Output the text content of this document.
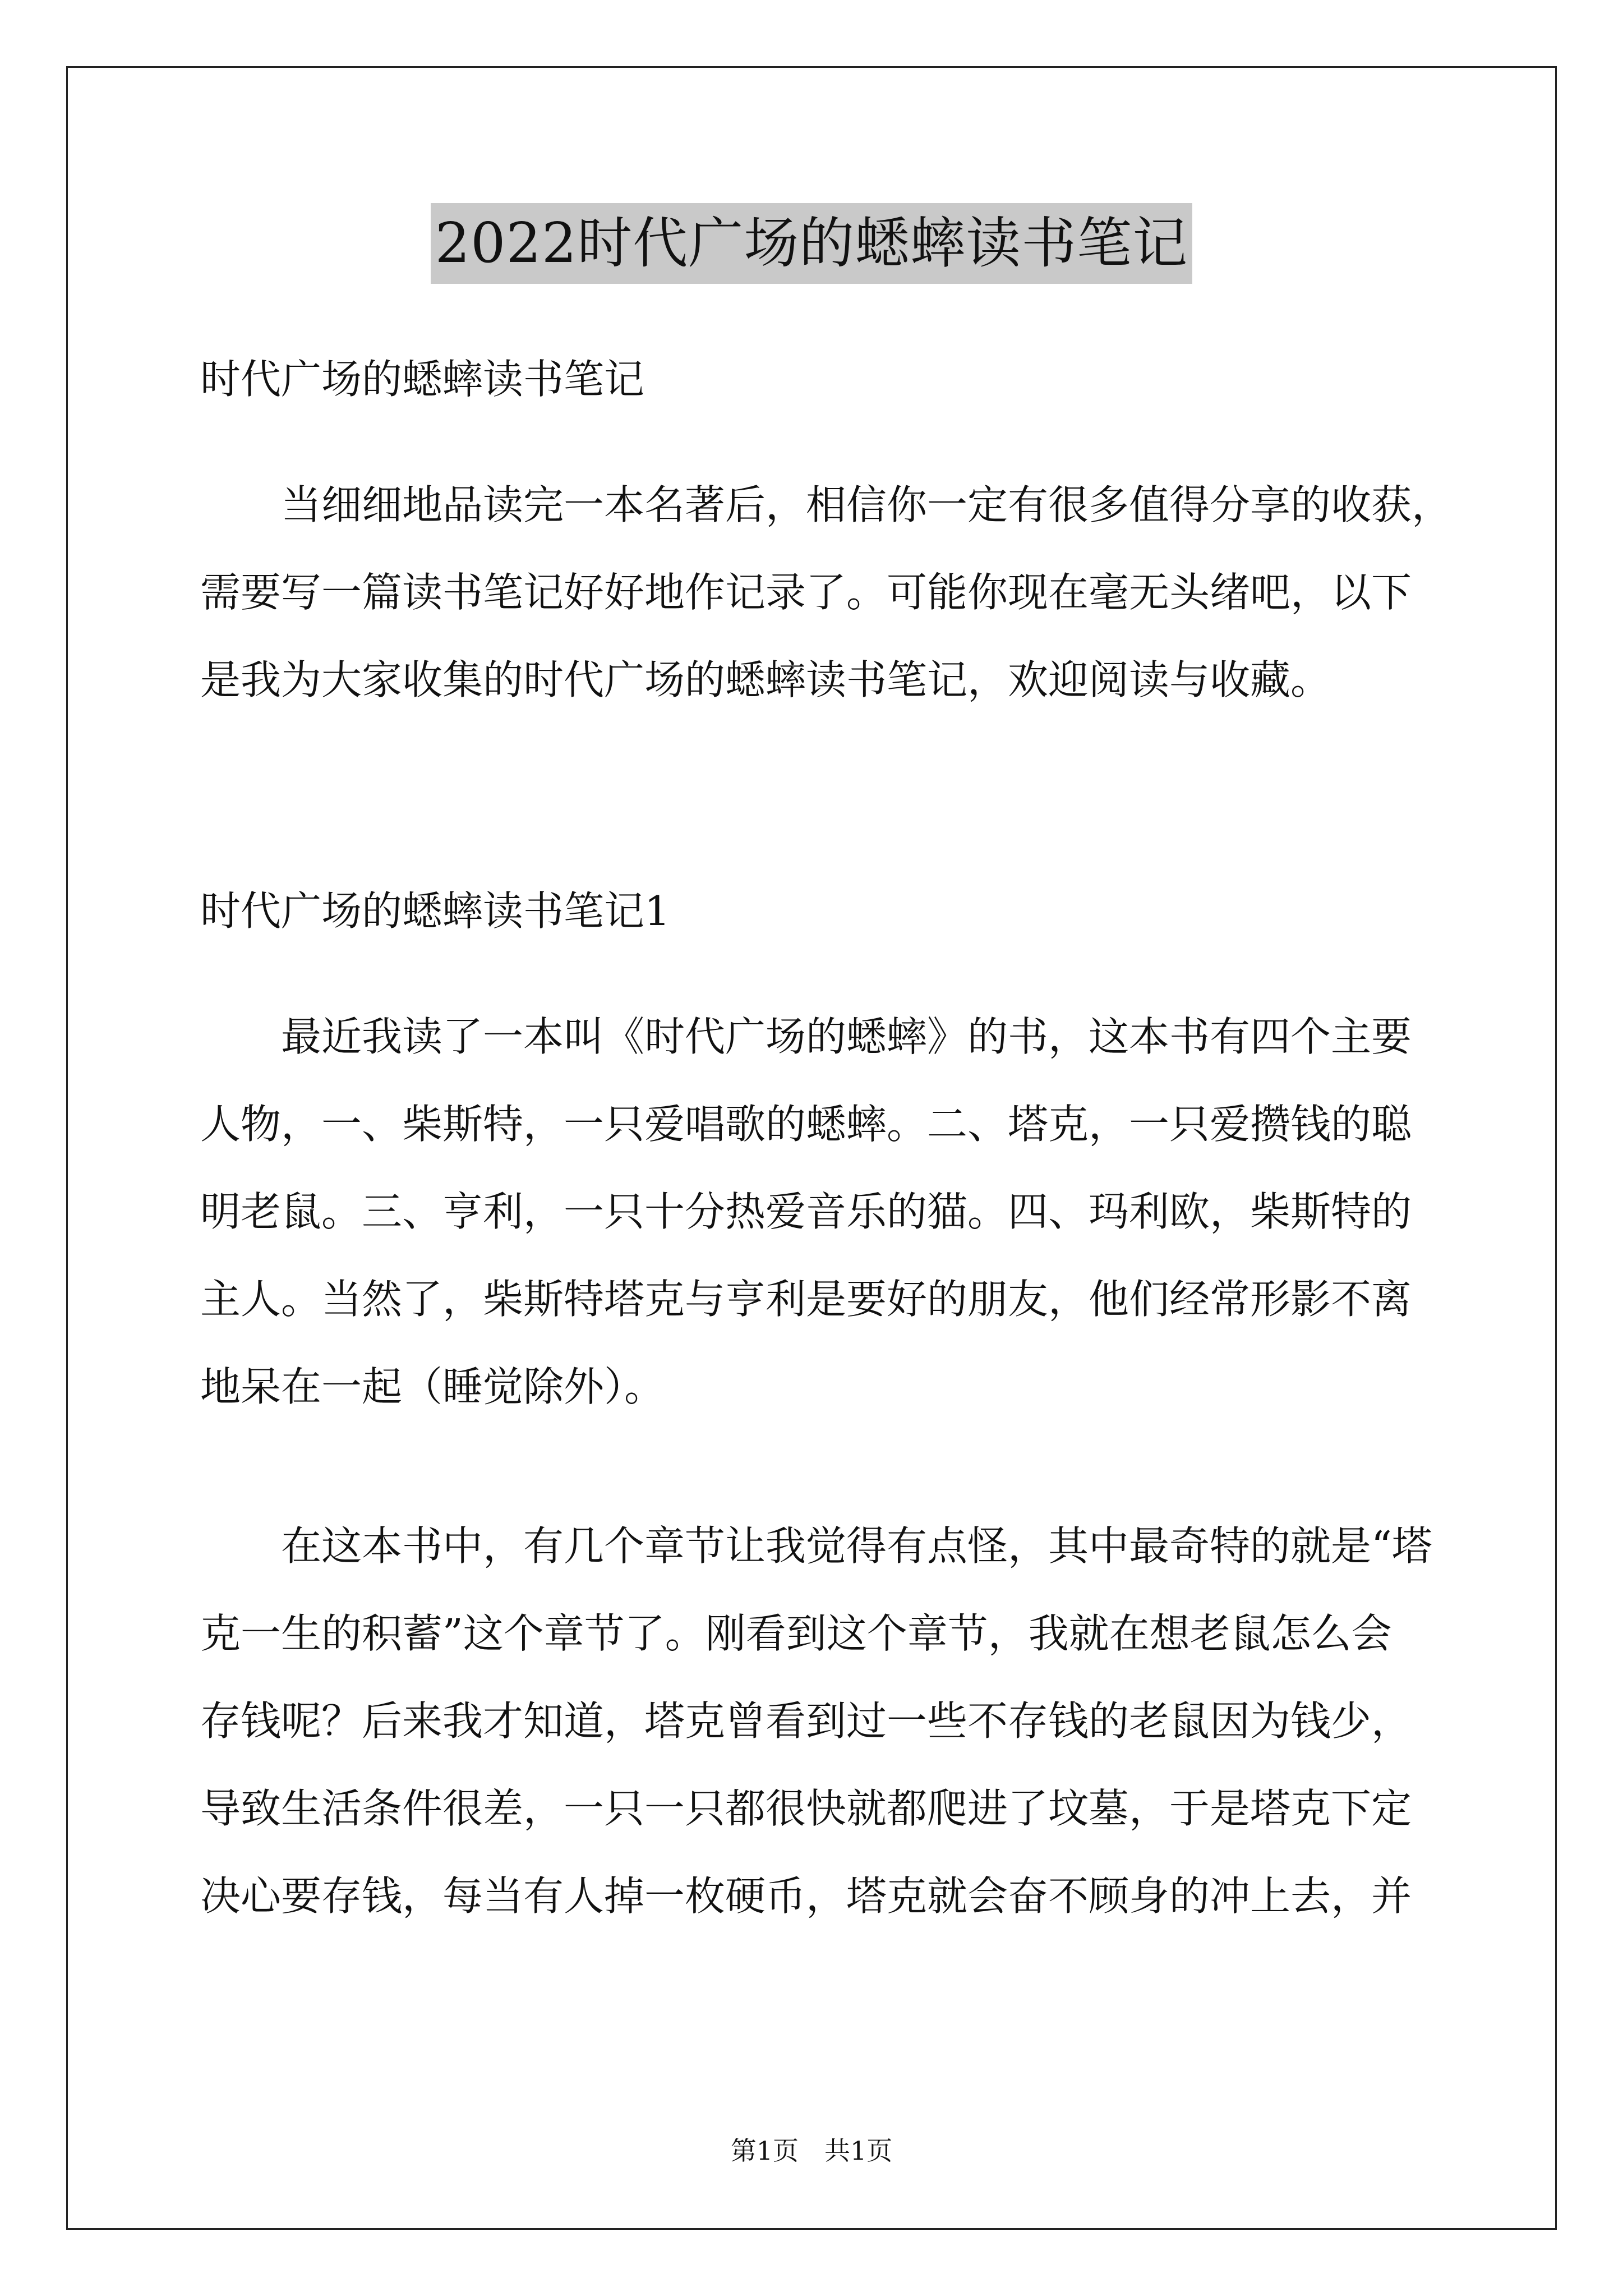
2022时代广场的蟋蟀读书笔记
时代广场的蟋蟀读书笔记
　　当细细地品读完一本名著后，相信你一定有很多值得分享的收获，
需要写一篇读书笔记好好地作记录了。可能你现在毫无头绪吧，以下
是我为大家收集的时代广场的蟋蟀读书笔记，欢迎阅读与收藏。
时代广场的蟋蟀读书笔记1
　　最近我读了一本叫《时代广场的蟋蟀》的书，这本书有四个主要
人物，一、柴斯特，一只爱唱歌的蟋蟀。二、塔克，一只爱攒钱的聪
明老鼠。三、亨利，一只十分热爱音乐的猫。四、玛利欧，柴斯特的
主人。当然了，柴斯特塔克与亨利是要好的朋友，他们经常形影不离
地呆在一起（睡觉除外）。
　　在这本书中，有几个章节让我觉得有点怪，其中最奇特的就是“塔
克一生的积蓄”这个章节了。刚看到这个章节，我就在想老鼠怎么会
存钱呢？后来我才知道，塔克曾看到过一些不存钱的老鼠因为钱少，
导致生活条件很差，一只一只都很快就都爬进了坟墓，于是塔克下定
决心要存钱，每当有人掉一枚硬币，塔克就会奋不顾身的冲上去，并
第1页　共1页
